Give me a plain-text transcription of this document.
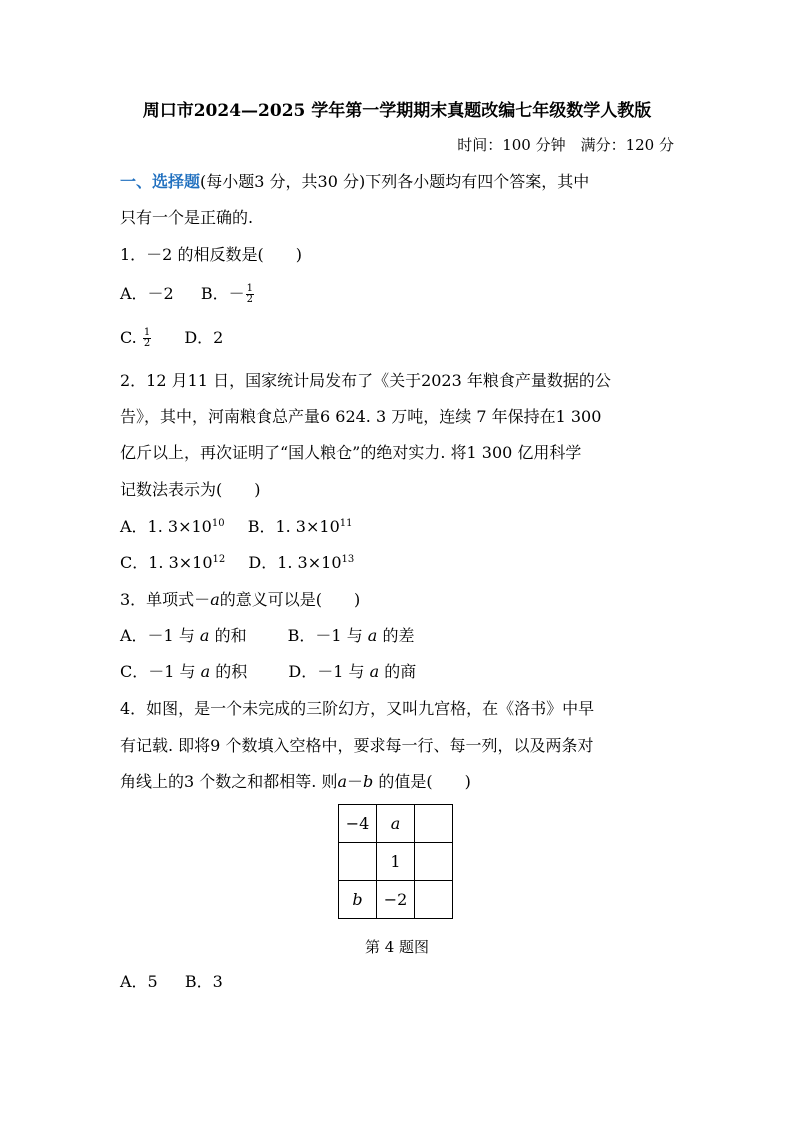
周口市2024—2025 学年第一学期期末真题改编七年级数学人教版
时间：100 分钟　满分：120 分
一、选择题(每小题3 分，共30 分)下列各小题均有四个答案，其中
只有一个是正确的.
1．－2 的相反数是(　　)
A．－2 B．－ $\frac{1}{2}$
C. $\frac{1}{2}$ D．2
2．12 月11 日，国家统计局发布了《关于2023 年粮食产量数据的公
告》，其中，河南粮食总产量6 624. 3 万吨，连续 7 年保持在1 300
亿斤以上，再次证明了“国人粮仓”的绝对实力. 将1 300 亿用科学
记数法表示为(　　)
A．1. $3\times 10^{10}$ B．1. $3\times 10^{11}$
C．1. $3\times 10^{12}$ D．1. $3\times 10^{13}$
3．单项式－a的意义可以是(　　)
A．－1 与 a 的和	B．－1 与 a 的差
C．－1 与 a 的积	D．－1 与 a 的商
4．如图，是一个未完成的三阶幻方，又叫九宫格，在《洛书》中早
有记载. 即将9 个数填入空格中，要求每一行、每一列，以及两条对
角线上的3 个数之和都相等. 则a－b 的值是(　　)
−4	a	
	1	
b	−2	
第 4 题图
A．5 B．3
